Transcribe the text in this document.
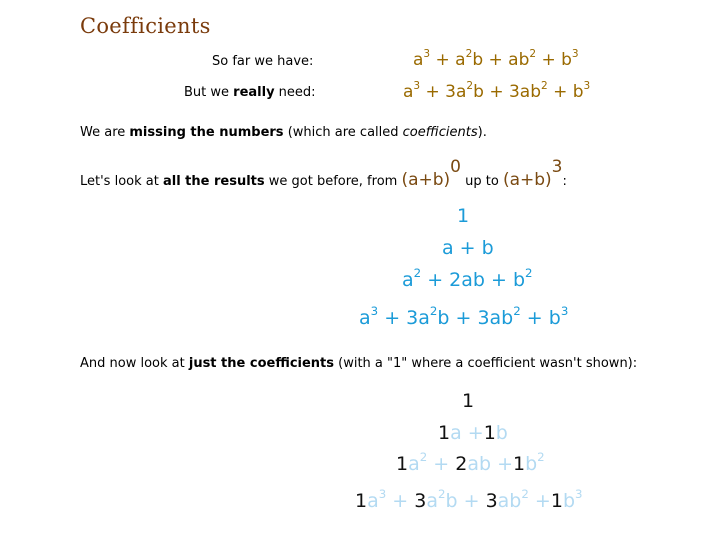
Coefficients
So far we have:	$a^3 + a^2b + ab^2 + b^3$
But we really need:	$a^3 + 3a^2b + 3ab^2 + b^3$
We are missing the numbers (which are called coefficients).
Let's look at all the results we got before, from $(a+b)^0$ up to $(a+b)^3$:
1
a + b
$a^2 + 2ab + b^2$
$a^3 + 3a^2b + 3ab^2 + b^3$
And now look at just the coefficients (with a "1" where a coefficient wasn't shown):
1
1a +1b
$1a^2 + 2ab +1b^2$
$1a^3 + 3a^2b + 3ab^2 +1b^3$
